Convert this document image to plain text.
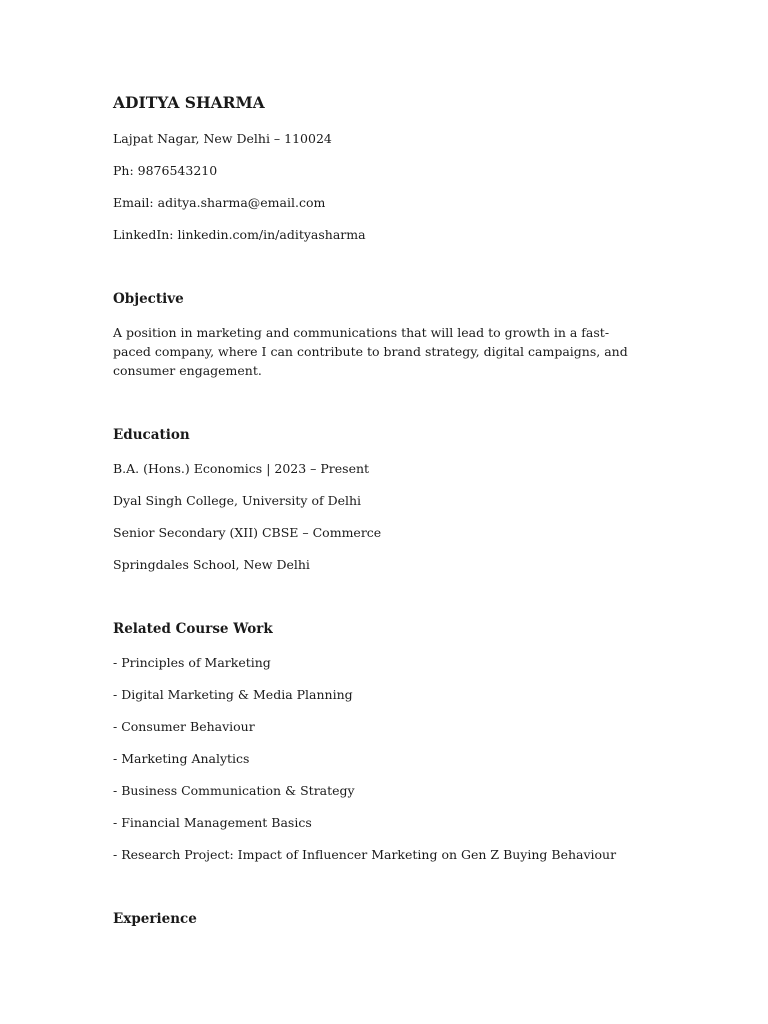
ADITYA SHARMA

Lajpat Nagar, New Delhi – 110024

Ph: 9876543210

Email: aditya.sharma@email.com

LinkedIn: linkedin.com/in/adityasharma

Objective

A position in marketing and communications that will lead to growth in a fast-paced company, where I can contribute to brand strategy, digital campaigns, and consumer engagement.

Education

B.A. (Hons.) Economics | 2023 – Present

Dyal Singh College, University of Delhi

Senior Secondary (XII) CBSE – Commerce

Springdales School, New Delhi

Related Course Work

- Principles of Marketing

- Digital Marketing & Media Planning

- Consumer Behaviour

- Marketing Analytics

- Business Communication & Strategy

- Financial Management Basics

- Research Project: Impact of Influencer Marketing on Gen Z Buying Behaviour

Experience
